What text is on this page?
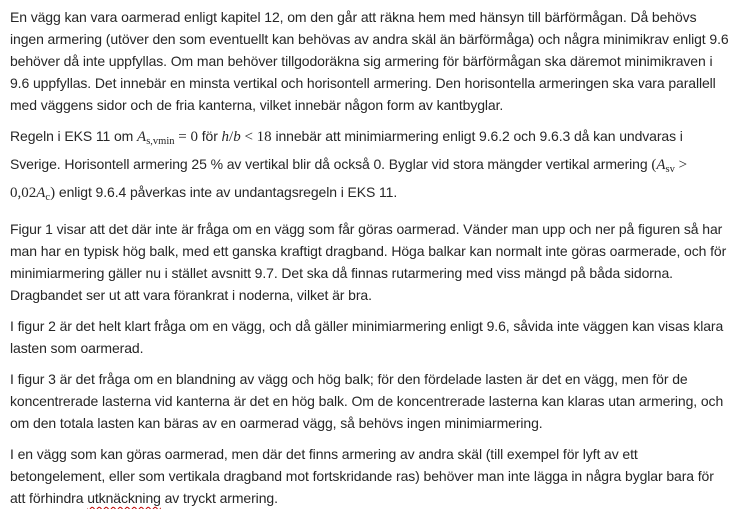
En vägg kan vara oarmerad enligt kapitel 12, om den går att räkna hem med hänsyn till bärförmågan. Då behövs ingen armering (utöver den som eventuellt kan behövas av andra skäl än bärförmåga) och några minimikrav enligt 9.6 behöver då inte uppfyllas. Om man behöver tillgodoräkna sig armering för bärförmågan ska däremot minimikraven i 9.6 uppfyllas. Det innebär en minsta vertikal och horisontell armering. Den horisontella armeringen ska vara parallell med väggens sidor och de fria kanterna, vilket innebär någon form av kantbyglar.

Regeln i EKS 11 om $A_{s,vmin} = 0$ för h/b < 18 innebär att minimiarmering enligt 9.6.2 och 9.6.3 då kan undvaras i Sverige. Horisontell armering 25 % av vertikal blir då också 0. Byglar vid stora mängder vertikal armering $(A_{sv} > 0,02A_c)$ enligt 9.6.4 påverkas inte av undantagsregeln i EKS 11.

Figur 1 visar att det där inte är fråga om en vägg som får göras oarmerad. Vänder man upp och ner på figuren så har man har en typisk hög balk, med ett ganska kraftigt dragband. Höga balkar kan normalt inte göras oarmerade, och för minimiarmering gäller nu i stället avsnitt 9.7. Det ska då finnas rutarmering med viss mängd på båda sidorna. Dragbandet ser ut att vara förankrat i noderna, vilket är bra.

I figur 2 är det helt klart fråga om en vägg, och då gäller minimiarmering enligt 9.6, såvida inte väggen kan visas klara lasten som oarmerad.

I figur 3 är det fråga om en blandning av vägg och hög balk; för den fördelade lasten är det en vägg, men för de koncentrerade lasterna vid kanterna är det en hög balk. Om de koncentrerade lasterna kan klaras utan armering, och om den totala lasten kan bäras av en oarmerad vägg, så behövs ingen minimiarmering.

I en vägg som kan göras oarmerad, men där det finns armering av andra skäl (till exempel för lyft av ett betongelement, eller som vertikala dragband mot fortskridande ras) behöver man inte lägga in några byglar bara för att förhindra utknäckning av tryckt armering.
